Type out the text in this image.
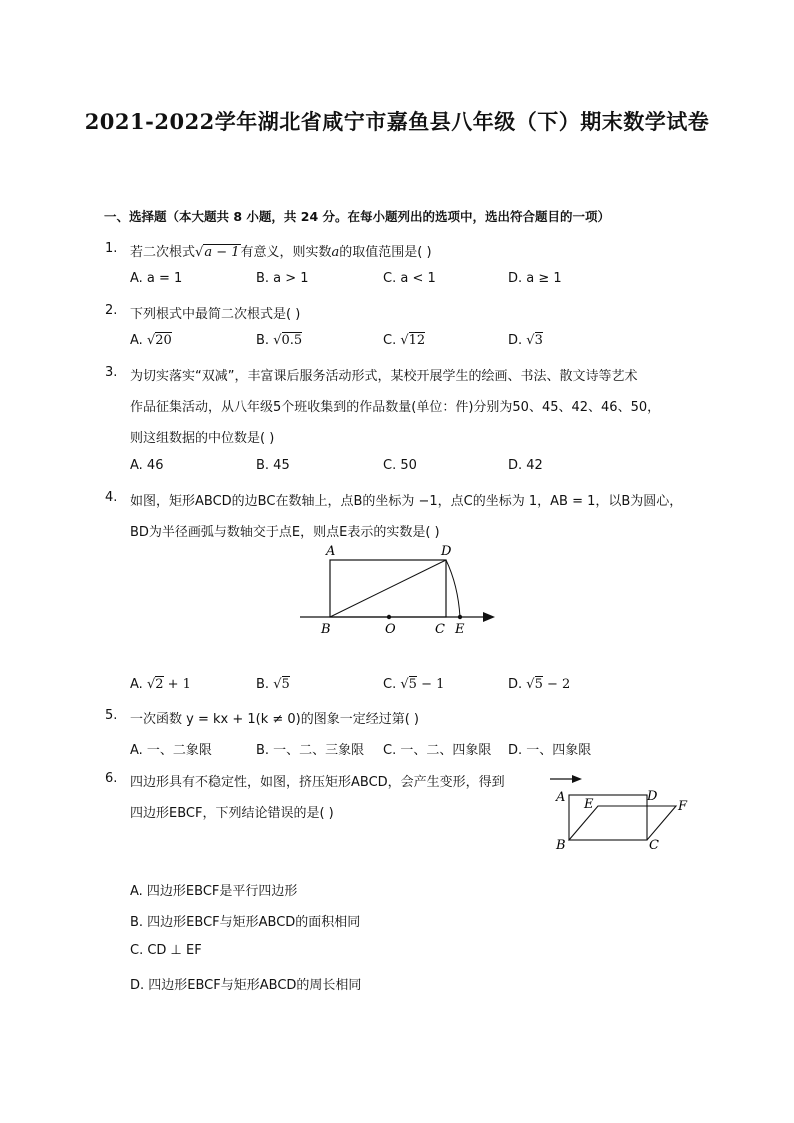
2021-2022学年湖北省咸宁市嘉鱼县八年级（下）期末数学试卷
一、选择题（本大题共 8 小题，共 24 分。在每小题列出的选项中，选出符合题目的一项）
1. 若二次根式√a − 1有意义，则实数a的取值范围是( )
A. a = 1	B. a > 1	C. a < 1	D. a ≥ 1
2. 下列根式中最简二次根式是( )
A. √20	B. √0.5	C. √12	D. √3
3. 为切实落实“双减”，丰富课后服务活动形式，某校开展学生的绘画、书法、散文诗等艺术
作品征集活动，从八年级5个班收集到的作品数量(单位：件)分别为50、45、42、46、50，
则这组数据的中位数是( )
A. 46	B. 45	C. 50	D. 42
4. 如图，矩形ABCD的边BC在数轴上，点B的坐标为 −1，点C的坐标为 1，AB = 1，以B为圆心，
BD为半径画弧与数轴交于点E，则点E表示的实数是( )
A	D
B	O	C E
A. √2 + 1	B. √5	C. √5 − 1	D. √5 − 2
5. 一次函数 y = kx + 1(k ≠ 0)的图象一定经过第( )
A. 一、二象限	B. 一、二、三象限 C. 一、二、四象限 D. 一、四象限
6. 四边形具有不稳定性，如图，挤压矩形ABCD，会产生变形，得到
四边形EBCF，下列结论错误的是( )
A E
D
F
B	C
A. 四边形EBCF是平行四边形
B. 四边形EBCF与矩形ABCD的面积相同
C. CD ⊥ EF
D. 四边形EBCF与矩形ABCD的周长相同
